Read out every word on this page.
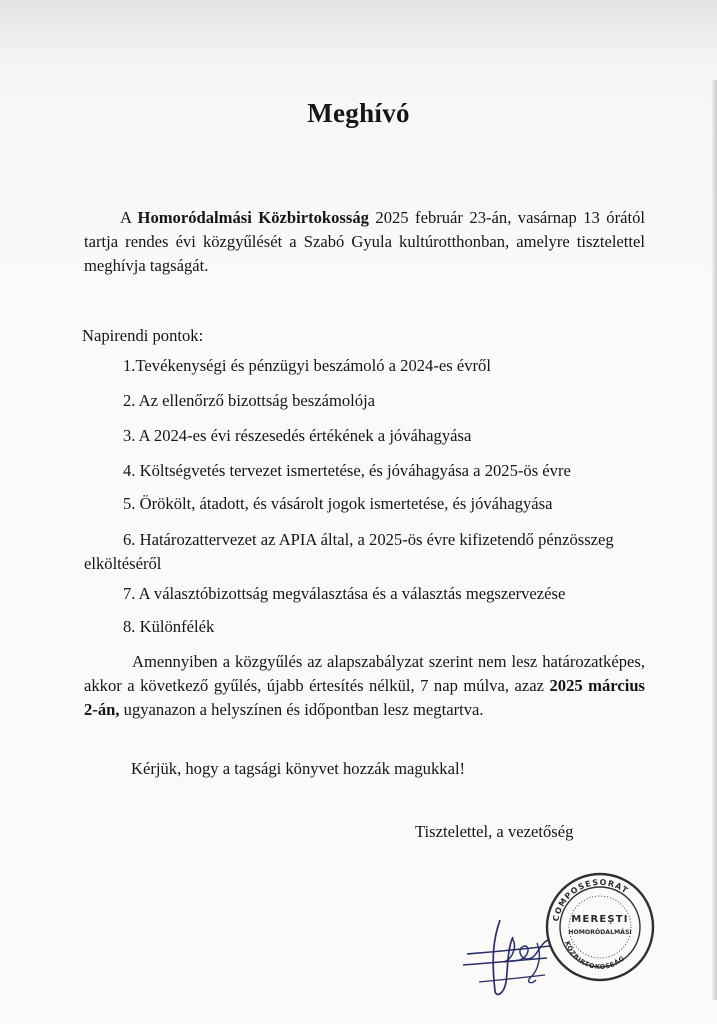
Meghívó

A Homoródalmási Közbirtokosság 2025 február 23-án, vasárnap 13 órától tartja rendes évi közgyűlését a Szabó Gyula kultúrotthonban, amelyre tisztelettel meghívja tagságát.

Napirendi pontok:
1.Tevékenységi és pénzügyi beszámoló a 2024-es évről
2. Az ellenőrző bizottság beszámolója
3. A 2024-es évi részesedés értékének a jóváhagyása
4. Költségvetés tervezet ismertetése, és jóváhagyása a 2025-ös évre
5. Örökölt, átadott, és vásárolt jogok ismertetése, és jóváhagyása
6. Határozattervezet az APIA által, a 2025-ös évre kifizetendő pénzösszeg elköltéséről
7. A választóbizottság megválasztása és a választás megszervezése
8. Különfélék

Amennyiben a közgyűlés az alapszabályzat szerint nem lesz határozatképes, akkor a következő gyűlés, újabb értesítés nélkül, 7 nap múlva, azaz 2025 március 2-án, ugyanazon a helyszínen és időpontban lesz megtartva.

Kérjük, hogy a tagsági könyvet hozzák magukkal!
Tisztelettel, a vezetőség
COMPOSESORAT
MEREȘTI
HOMORÓDALMÁSI
KÖZBIRTOKOSSÁG
